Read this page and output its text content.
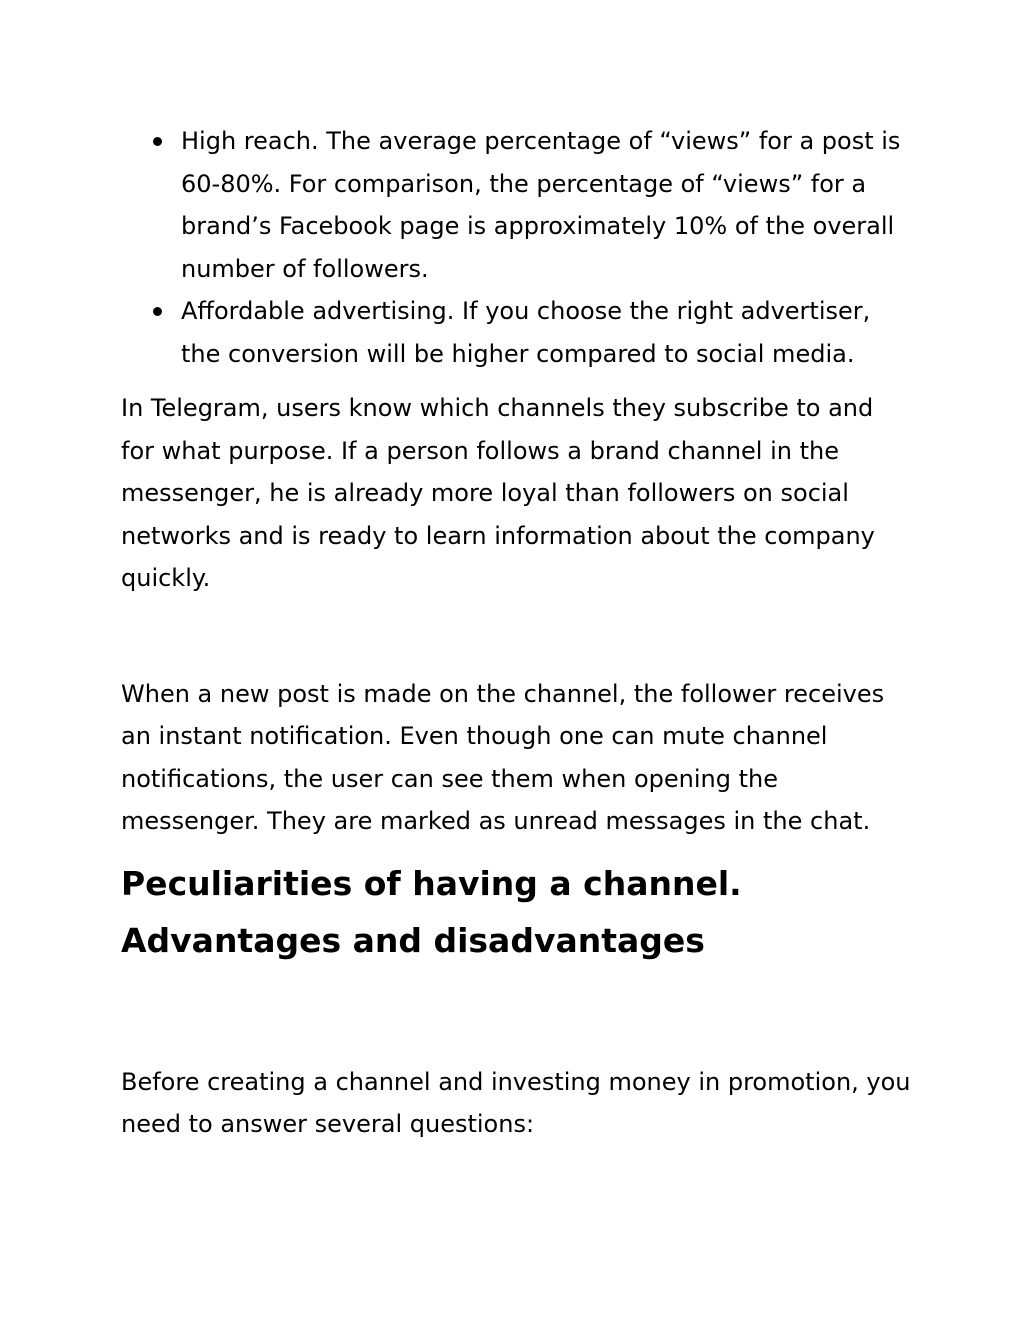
High reach. The average percentage of “views” for a post is 60-80%. For comparison, the percentage of “views” for a brand’s Facebook page is approximately 10% of the overall number of followers.
Affordable advertising. If you choose the right advertiser, the conversion will be higher compared to social media.

In Telegram, users know which channels they subscribe to and for what purpose. If a person follows a brand channel in the messenger, he is already more loyal than followers on social networks and is ready to learn information about the company quickly.

When a new post is made on the channel, the follower receives an instant notification. Even though one can mute channel notifications, the user can see them when opening the messenger. They are marked as unread messages in the chat.

Peculiarities of having a channel. Advantages and disadvantages

Before creating a channel and investing money in promotion, you need to answer several questions:
